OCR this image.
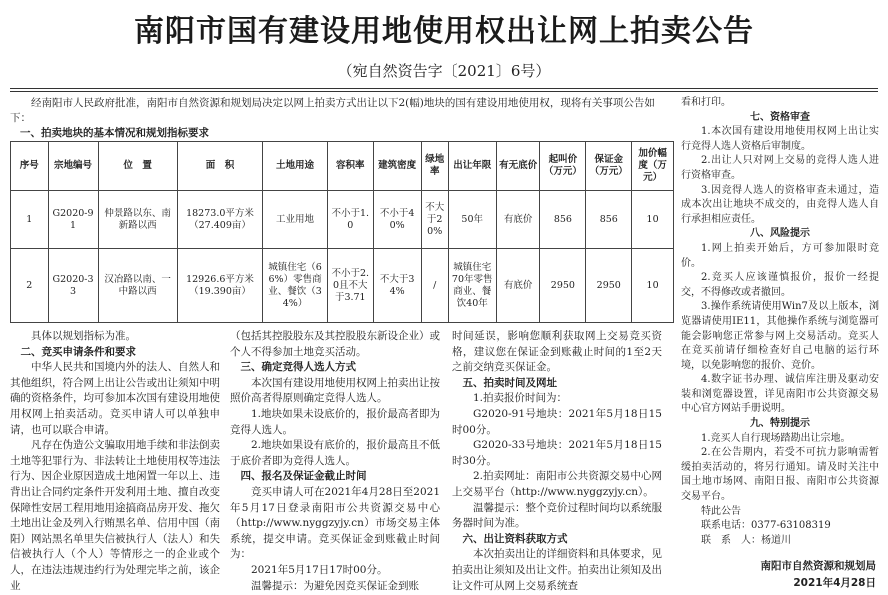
南阳市国有建设用地使用权出让网上拍卖公告
（宛自然资告字〔2021〕6号）
经南阳市人民政府批准，南阳市自然资源和规划局决定以网上拍卖方式出让以下2(幅)地块的国有建设用地使用权，现将有关事项公告如下：
一、拍卖地块的基本情况和规划指标要求
序号	宗地编号	位　置	面　积	土地用途	容积率	建筑密度	绿地率	出让年限	有无底价	起叫价（万元）	保证金（万元）	加价幅度（万元）
1	G2020-91	仲景路以东、南新路以西	18273.0平方米（27.409亩）	工业用地	不小于1.0	不小于40%	不大于20%	50年	有底价	856	856	10
2	G2020-33	汉冶路以南、一中路以西	12926.6平方米（19.390亩）	城镇住宅（66%）零售商业、餐饮（34%）	不小于2.0且不大于3.71	不大于34%	/	城镇住宅70年零售商业、餐饮40年	有底价	2950	2950	10

具体以规划指标为准。

二、竞买申请条件和要求

中华人民共和国境内外的法人、自然人和其他组织，符合网上出让公告或出让须知中明确的资格条件，均可参加本次国有建设用地使用权网上拍卖活动。竞买申请人可以单独申请，也可以联合申请。

凡存在伪造公文骗取用地手续和非法倒卖土地等犯罪行为、非法转让土地使用权等违法行为、因企业原因造成土地闲置一年以上、违背出让合同约定条件开发利用土地、擅自改变保障性安居工程用地用途搞商品房开发、拖欠土地出让金及列入行贿黑名单、信用中国（南阳）网站黑名单里失信被执行人（法人）和失信被执行人（个人）等情形之一的企业或个人，在违法违规违约行为处理完毕之前，该企业

（包括其控股股东及其控股股东新设企业）或个人不得参加土地竞买活动。

三、确定竞得人选人方式

本次国有建设用地使用权网上拍卖出让按照价高者得原则确定竞得人选人。

1.地块如果未设底价的，报价最高者即为竞得人选人。

2.地块如果设有底价的，报价最高且不低于底价者即为竞得人选人。

四、报名及保证金截止时间

竞买申请人可在2021年4月28日至2021年5月17日登录南阳市公共资源交易中心（http://www.nyggzyjy.cn）市场交易主体系统，提交申请。竞买保证金到账截止时间为：

2021年5月17日17时00分。

温馨提示：为避免因竞买保证金到账

时间延误，影响您顺利获取网上交易竞买资格，建议您在保证金到账截止时间的1至2天之前交纳竞买保证金。

五、拍卖时间及网址

1.拍卖报价时间为：

G2020-91号地块：2021年5月18日15时00分。

G2020-33号地块：2021年5月18日15时30分。

2.拍卖网址：南阳市公共资源交易中心网上交易平台（http://www.nyggzyjy.cn）。

温馨提示：整个竞价过程时间均以系统服务器时间为准。

六、出让资料获取方式

本次拍卖出让的详细资料和具体要求，见拍卖出让须知及出让文件。拍卖出让须知及出让文件可从网上交易系统查

看和打印。

七、资格审查

1.本次国有建设用地使用权网上出让实行竞得人选人资格后审制度。

2.出让人只对网上交易的竞得人选人进行资格审查。

3.因竞得人选人的资格审查未通过，造成本次出让地块不成交的，由竞得人选人自行承担相应责任。

八、风险提示

1.网上拍卖开始后，方可参加限时竞价。

2.竞买人应该谨慎报价，报价一经提交，不得修改或者撤回。

3.操作系统请使用Win7及以上版本，浏览器请使用IE11，其他操作系统与浏览器可能会影响您正常参与网上交易活动。竞买人在竞买前请仔细检查好自己电脑的运行环境，以免影响您的报价、竞价。

4.数字证书办理、诚信库注册及驱动安装和浏览器设置，详见南阳市公共资源交易中心官方网站手册说明。

九、特别提示

1.竞买人自行现场踏勘出让宗地。

2.在公告期内，若受不可抗力影响需暂缓拍卖活动的，将另行通知。请及时关注中国土地市场网、南阳日报、南阳市公共资源交易平台。

特此公告

联系电话：0377-63108319

联　系　人：杨道川

南阳市自然资源和规划局
2021年4月28日
